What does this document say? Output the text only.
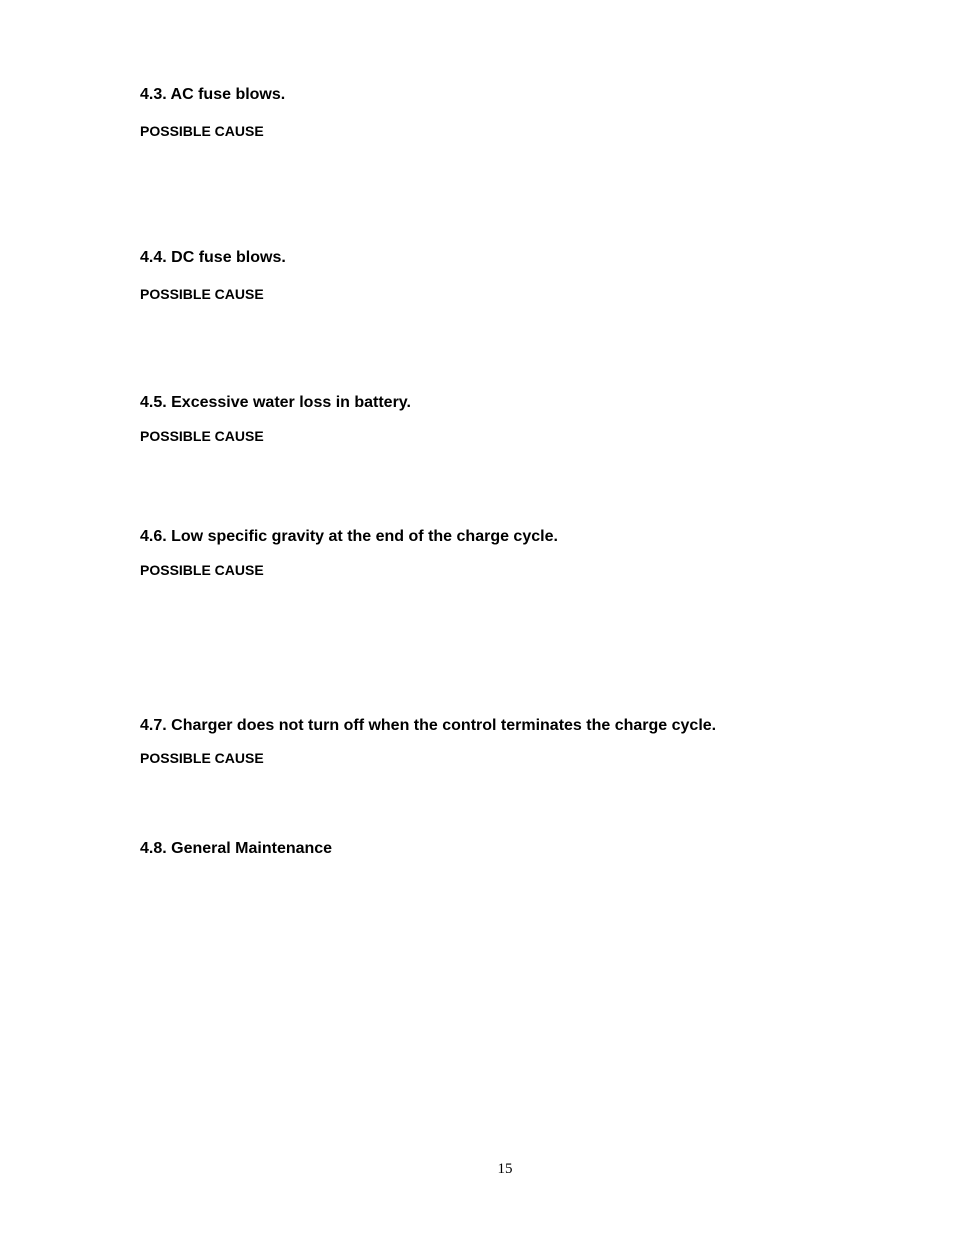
4.3. AC fuse blows.
POSSIBLE CAUSE
4.4. DC fuse blows.
POSSIBLE CAUSE
4.5. Excessive water loss in battery.
POSSIBLE CAUSE
4.6. Low specific gravity at the end of the charge cycle.
POSSIBLE CAUSE
4.7. Charger does not turn off when the control terminates the charge cycle.
POSSIBLE CAUSE
4.8. General Maintenance
15
